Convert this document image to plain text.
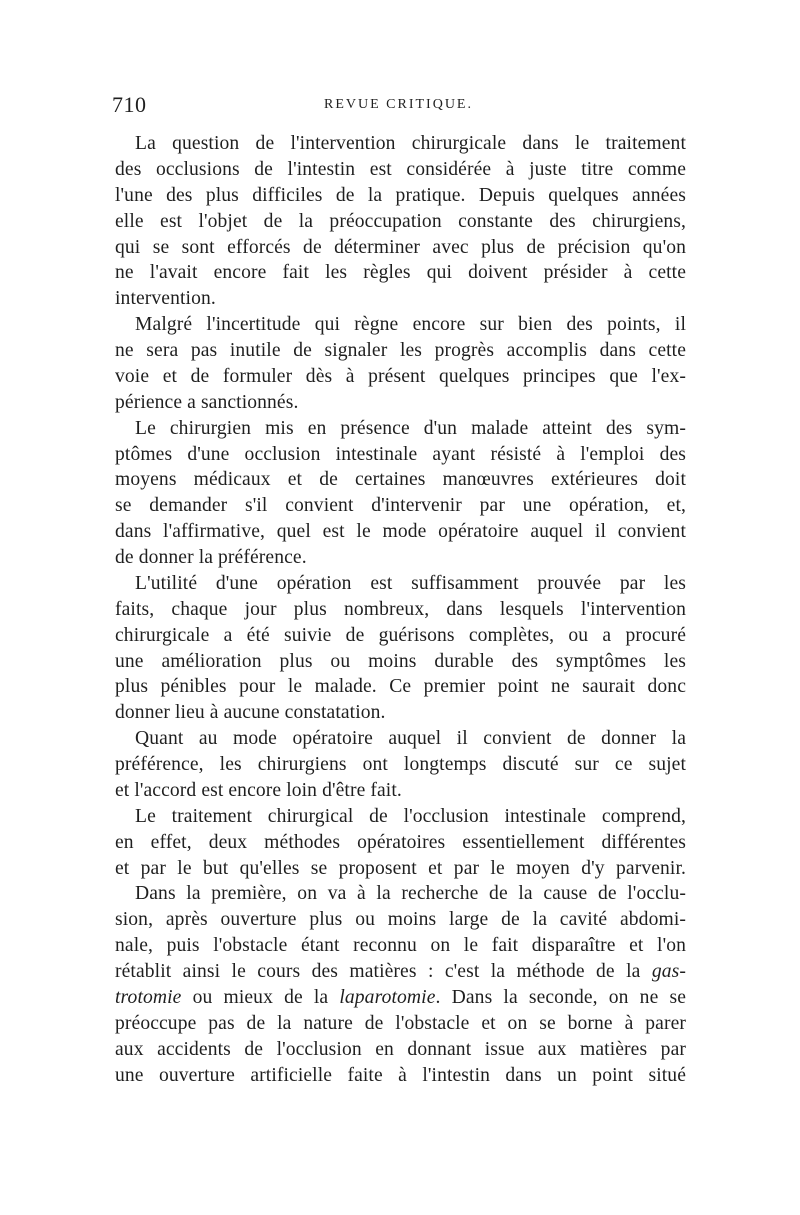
710	REVUE CRITIQUE.
La question de l'intervention chirurgicale dans le traitement
des occlusions de l'intestin est considérée à juste titre comme
l'une des plus difficiles de la pratique. Depuis quelques années
elle est l'objet de la préoccupation constante des chirurgiens,
qui se sont efforcés de déterminer avec plus de précision qu'on
ne l'avait encore fait les règles qui doivent présider à cette
intervention.
Malgré l'incertitude qui règne encore sur bien des points, il
ne sera pas inutile de signaler les progrès accomplis dans cette
voie et de formuler dès à présent quelques principes que l'ex-
périence a sanctionnés.
Le chirurgien mis en présence d'un malade atteint des sym-
ptômes d'une occlusion intestinale ayant résisté à l'emploi des
moyens médicaux et de certaines manœuvres extérieures doit
se demander s'il convient d'intervenir par une opération, et,
dans l'affirmative, quel est le mode opératoire auquel il convient
de donner la préférence.
L'utilité d'une opération est suffisamment prouvée par les
faits, chaque jour plus nombreux, dans lesquels l'intervention
chirurgicale a été suivie de guérisons complètes, ou a procuré
une amélioration plus ou moins durable des symptômes les
plus pénibles pour le malade. Ce premier point ne saurait donc
donner lieu à aucune constatation.
Quant au mode opératoire auquel il convient de donner la
préférence, les chirurgiens ont longtemps discuté sur ce sujet
et l'accord est encore loin d'être fait.
Le traitement chirurgical de l'occlusion intestinale comprend,
en effet, deux méthodes opératoires essentiellement différentes
et par le but qu'elles se proposent et par le moyen d'y parvenir.
Dans la première, on va à la recherche de la cause de l'occlu-
sion, après ouverture plus ou moins large de la cavité abdomi-
nale, puis l'obstacle étant reconnu on le fait disparaître et l'on
rétablit ainsi le cours des matières : c'est la méthode de la gas-
trotomie ou mieux de la laparotomie. Dans la seconde, on ne se
préoccupe pas de la nature de l'obstacle et on se borne à parer
aux accidents de l'occlusion en donnant issue aux matières par
une ouverture artificielle faite à l'intestin dans un point situé
